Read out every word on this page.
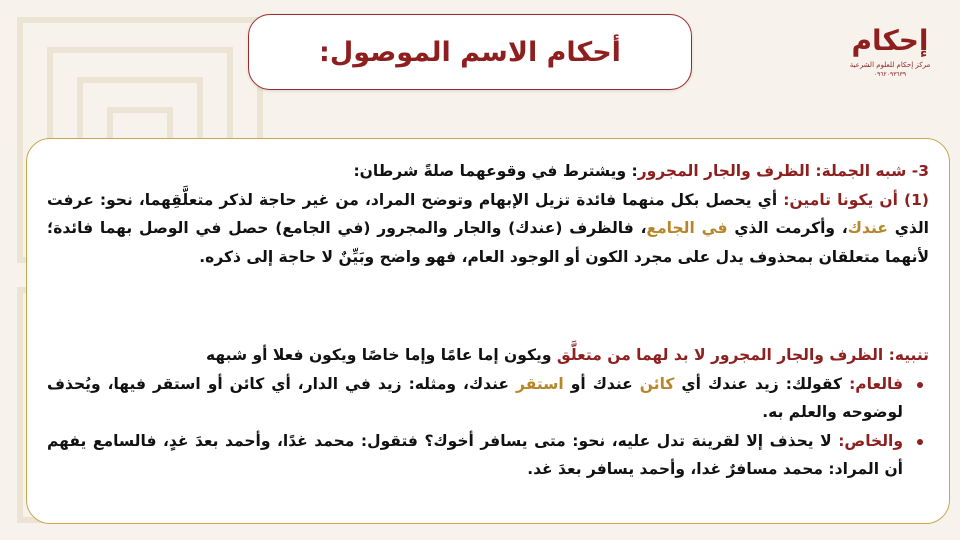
أحكام الاسم الموصول:	إحكام
مركز إحكام للعلوم الشرعية
٠٩٦٢٠٩٣٦٣٩
3- شبه الجملة: الظرف والجار المجرور: ويشترط في وقوعهما صلةً شرطان:
(1) أن يكونا تامين: أي يحصل بكل منهما فائدة تزيل الإبهام وتوضح المراد، من غير حاجة لذكر متعلَّقِهما، نحو: عرفت الذي عندك، وأكرمت الذي في الجامع، فالظرف (عندك) والجار والمجرور (في الجامع) حصل في الوصل بهما فائدة؛ لأنهما متعلقان بمحذوف يدل على مجرد الكون أو الوجود العام، فهو واضح وبَيِّنٌ لا حاجة إلى ذكره.
تنبيه: الظرف والجار المجرور لا بد لهما من متعلَّق ويكون إما عامًا وإما خاصًا ويكون فعلا أو شبهه
فالعام: كقولك: زيد عندك أي كائن عندك أو استقر عندك، ومثله: زيد في الدار، أي كائن أو استقر فيها، ويُحذف لوضوحه والعلم به.
والخاص: لا يحذف إلا لقرينة تدل عليه، نحو: متى يسافر أخوك؟ فتقول: محمد غدًا، وأحمد بعدَ غدٍ، فالسامع يفهم أن المراد: محمد مسافرٌ غدا، وأحمد يسافر بعدَ غد.
